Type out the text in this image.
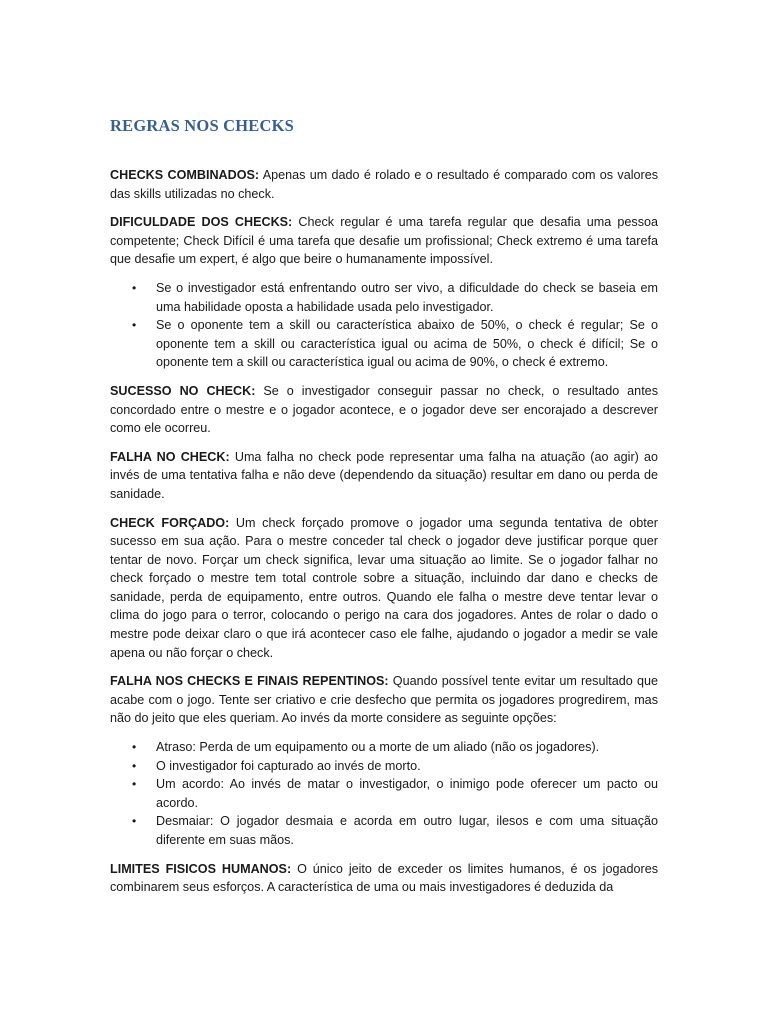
REGRAS NOS CHECKS

CHECKS COMBINADOS: Apenas um dado é rolado e o resultado é comparado com os valores das skills utilizadas no check.

DIFICULDADE DOS CHECKS: Check regular é uma tarefa regular que desafia uma pessoa competente; Check Difícil é uma tarefa que desafie um profissional; Check extremo é uma tarefa que desafie um expert, é algo que beire o humanamente impossível.

• Se o investigador está enfrentando outro ser vivo, a dificuldade do check se baseia em uma habilidade oposta a habilidade usada pelo investigador.
• Se o oponente tem a skill ou característica abaixo de 50%, o check é regular; Se o oponente tem a skill ou característica igual ou acima de 50%, o check é difícil; Se o oponente tem a skill ou característica igual ou acima de 90%, o check é extremo.

SUCESSO NO CHECK: Se o investigador conseguir passar no check, o resultado antes concordado entre o mestre e o jogador acontece, e o jogador deve ser encorajado a descrever como ele ocorreu.

FALHA NO CHECK: Uma falha no check pode representar uma falha na atuação (ao agir) ao invés de uma tentativa falha e não deve (dependendo da situação) resultar em dano ou perda de sanidade.

CHECK FORÇADO: Um check forçado promove o jogador uma segunda tentativa de obter sucesso em sua ação. Para o mestre conceder tal check o jogador deve justificar porque quer tentar de novo. Forçar um check significa, levar uma situação ao limite. Se o jogador falhar no check forçado o mestre tem total controle sobre a situação, incluindo dar dano e checks de sanidade, perda de equipamento, entre outros. Quando ele falha o mestre deve tentar levar o clima do jogo para o terror, colocando o perigo na cara dos jogadores. Antes de rolar o dado o mestre pode deixar claro o que irá acontecer caso ele falhe, ajudando o jogador a medir se vale apena ou não forçar o check.

FALHA NOS CHECKS E FINAIS REPENTINOS: Quando possível tente evitar um resultado que acabe com o jogo. Tente ser criativo e crie desfecho que permita os jogadores progredirem, mas não do jeito que eles queriam. Ao invés da morte considere as seguinte opções:

• Atraso: Perda de um equipamento ou a morte de um aliado (não os jogadores).
• O investigador foi capturado ao invés de morto.
• Um acordo: Ao invés de matar o investigador, o inimigo pode oferecer um pacto ou acordo.
• Desmaiar: O jogador desmaia e acorda em outro lugar, ilesos e com uma situação diferente em suas mãos.

LIMITES FISICOS HUMANOS: O único jeito de exceder os limites humanos, é os jogadores combinarem seus esforços. A característica de uma ou mais investigadores é deduzida da
